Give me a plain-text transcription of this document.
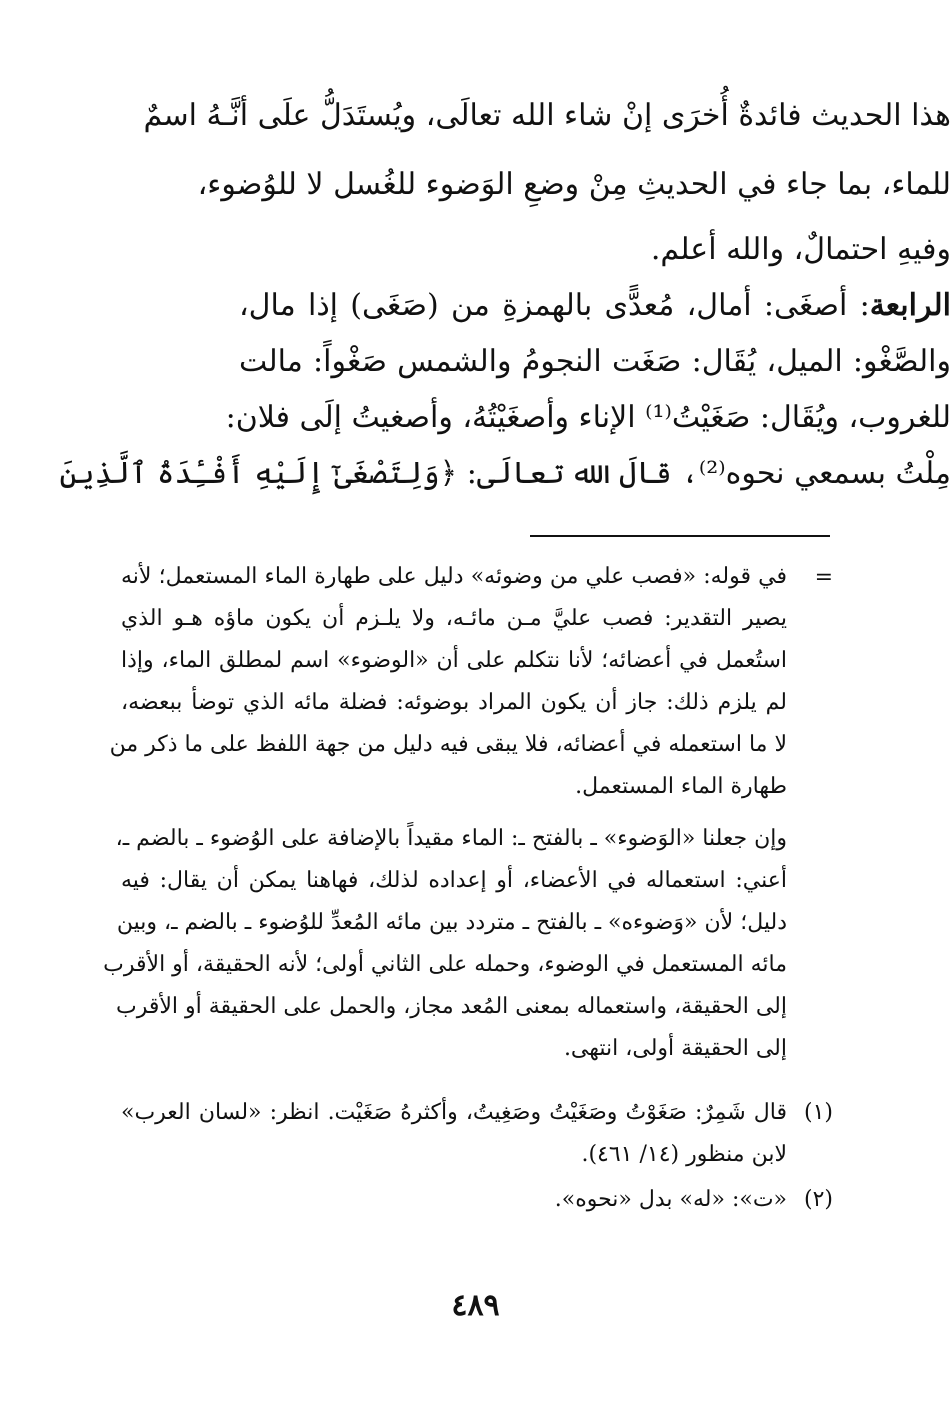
هذا الحديث فائدةٌ أُخرَى إنْ شاء الله تعالَى، ويُستَدَلُّ علَى أنَّـهُ اسمٌ
للماء، بما جاء في الحديثِ مِنْ وضعِ الوَضوء للغُسل لا للوُضوء،
وفيهِ احتمالٌ، والله أعلم.
الرابعة: أصغَى: أمال، مُعدًّى بالهمزةِ من (صَغَى) إذا مال،
والصَّغْو: الميل، يُقَال: صَغَت النجومُ والشمس صَغْواً: مالت
للغروب، ويُقَال: صَغَيْتُ⁽¹⁾ الإناء وأصغَيْتُهُ، وأصغيتُ إلَى فلان:
مِلْتُ بسمعي نحوه⁽²⁾، قالَ الله تعالَى: ﴿وَلِتَصْغَىٰٓ إِلَيْهِ أَفْـِٔدَةُ ٱلَّذِينَ
=
في قوله: «فصب علي من وضوئه» دليل على طهارة الماء المستعمل؛ لأنه
يصير التقدير: فصب عليَّ مـن مائـه، ولا يلـزم أن يكون ماؤه هـو الذي
استُعمل في أعضائه؛ لأنا نتكلم على أن «الوضوء» اسم لمطلق الماء، وإذا
لم يلزم ذلك: جاز أن يكون المراد بوضوئه: فضلة مائه الذي توضأ ببعضه،
لا ما استعمله في أعضائه، فلا يبقى فيه دليل من جهة اللفظ على ما ذكر من
طهارة الماء المستعمل.
وإن جعلنا «الوَضوء» ـ بالفتح ـ: الماء مقيداً بالإضافة على الوُضوء ـ بالضم ـ،
أعني: استعماله في الأعضاء، أو إعداده لذلك، فهاهنا يمكن أن يقال: فيه
دليل؛ لأن «وَضوءه» ـ بالفتح ـ متردد بين مائه المُعدِّ للوُضوء ـ بالضم ـ، وبين
مائه المستعمل في الوضوء، وحمله على الثاني أولى؛ لأنه الحقيقة، أو الأقرب
إلى الحقيقة، واستعماله بمعنى المُعد مجاز، والحمل على الحقيقة أو الأقرب
إلى الحقيقة أولى، انتهى.
(١)
قال شَمِرٌ: صَغَوْتُ وصَغَيْتُ وصَغِيتُ، وأكثرهُ صَغَيْت. انظر: «لسان العرب»
لابن منظور (١٤/ ٤٦١).
(٢)
«ت»: «له» بدل «نحوه».
٤٨٩
